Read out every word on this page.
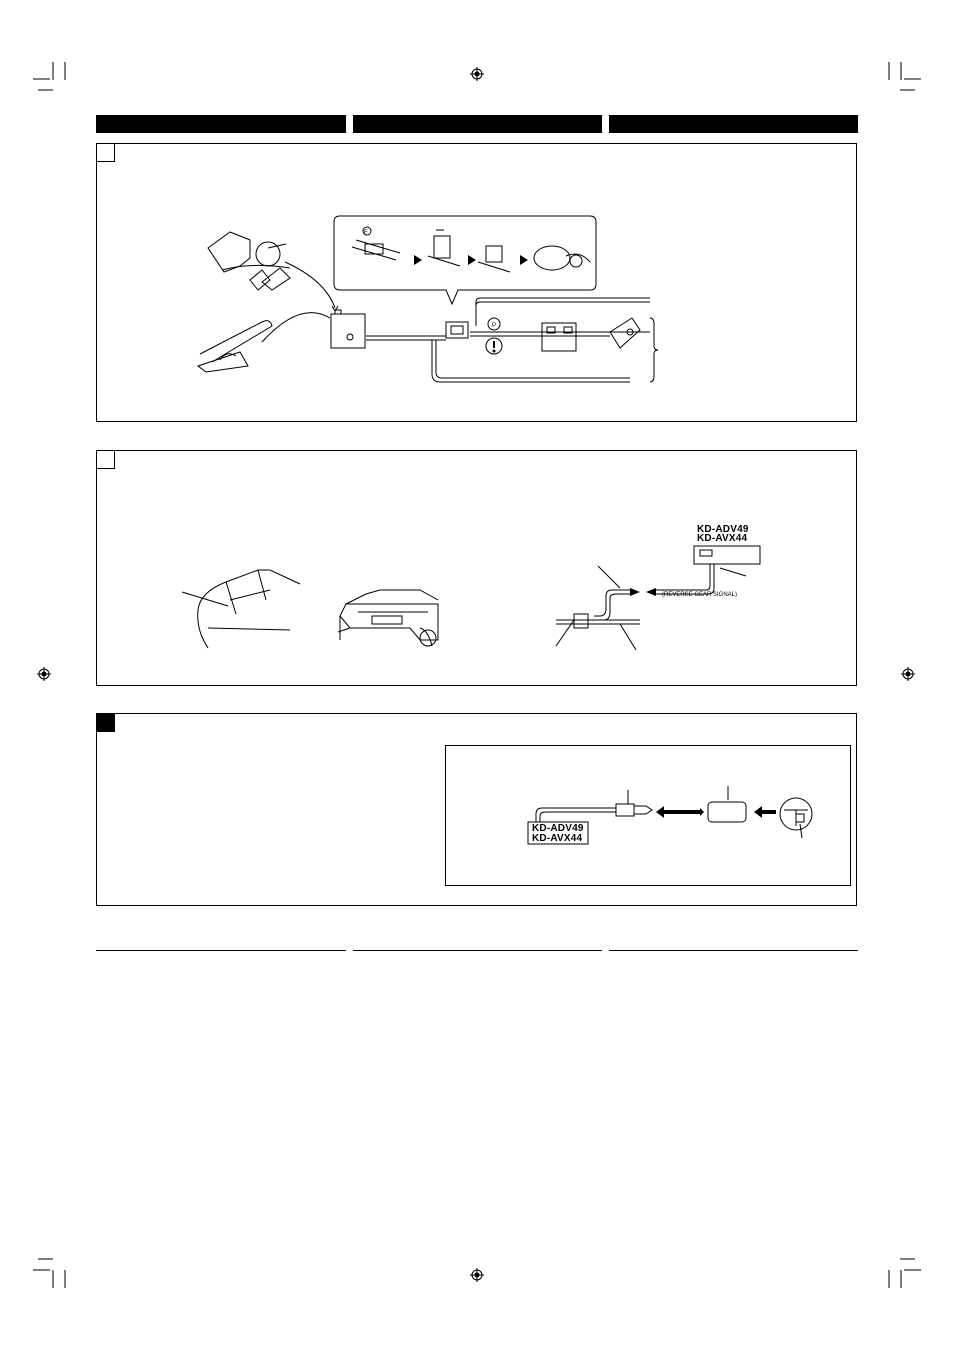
F
P
KD-ADV49
KD-AVX44
(REVERSE GEAR SIGNAL)
KD-ADV49
KD-AVX44
